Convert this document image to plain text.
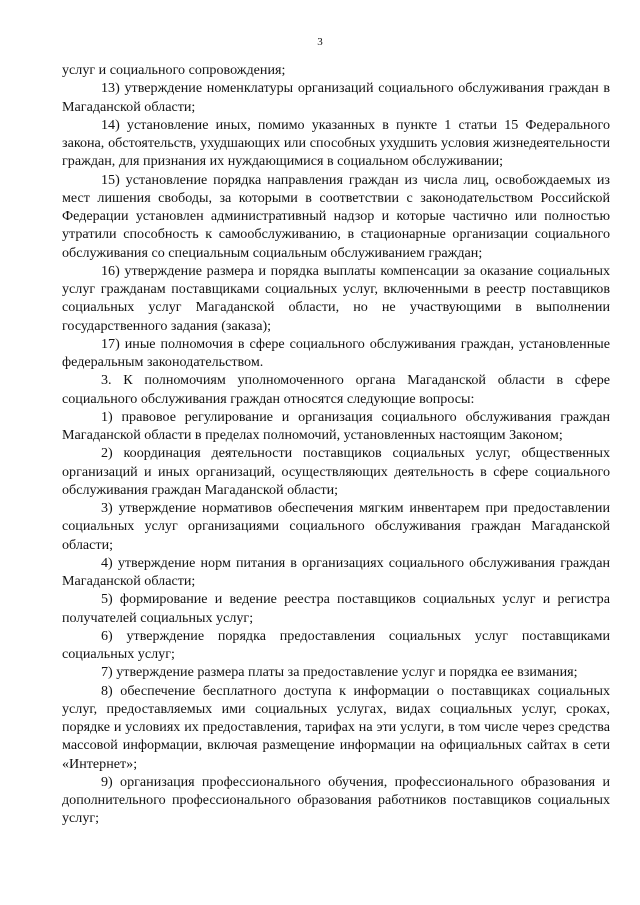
3

услуг и социального сопровождения;

13) утверждение номенклатуры организаций социального обслуживания граждан в Магаданской области;

14) установление иных, помимо указанных в пункте 1 статьи 15 Федерального закона, обстоятельств, ухудшающих или способных ухудшить условия жизнедеятельности граждан, для признания их нуждающимися в социальном обслуживании;

15) установление порядка направления граждан из числа лиц, освобождаемых из мест лишения свободы, за которыми в соответствии с законодательством Российской Федерации установлен административный надзор и которые частично или полностью утратили способность к самообслуживанию, в стационарные организации социального обслуживания со специальным социальным обслуживанием граждан;

16) утверждение размера и порядка выплаты компенсации за оказание социальных услуг гражданам поставщиками социальных услуг, включенными в реестр поставщиков социальных услуг Магаданской области, но не участвующими в выполнении государственного задания (заказа);

17) иные полномочия в сфере социального обслуживания граждан, установленные федеральным законодательством.

3. К полномочиям уполномоченного органа Магаданской области в сфере социального обслуживания граждан относятся следующие вопросы:

1) правовое регулирование и организация социального обслуживания граждан Магаданской области в пределах полномочий, установленных настоящим Законом;

2) координация деятельности поставщиков социальных услуг, общественных организаций и иных организаций, осуществляющих деятельность в сфере социального обслуживания граждан Магаданской области;

3) утверждение нормативов обеспечения мягким инвентарем при предоставлении социальных услуг организациями социального обслуживания граждан Магаданской области;

4) утверждение норм питания в организациях социального обслуживания граждан Магаданской области;

5) формирование и ведение реестра поставщиков социальных услуг и регистра получателей социальных услуг;

6) утверждение порядка предоставления социальных услуг поставщиками социальных услуг;

7) утверждение размера платы за предоставление услуг и порядка ее взимания;

8) обеспечение бесплатного доступа к информации о поставщиках социальных услуг, предоставляемых ими социальных услугах, видах социальных услуг, сроках, порядке и условиях их предоставления, тарифах на эти услуги, в том числе через средства массовой информации, включая размещение информации на официальных сайтах в сети «Интернет»;

9) организация профессионального обучения, профессионального образования и дополнительного профессионального образования работников поставщиков социальных услуг;
